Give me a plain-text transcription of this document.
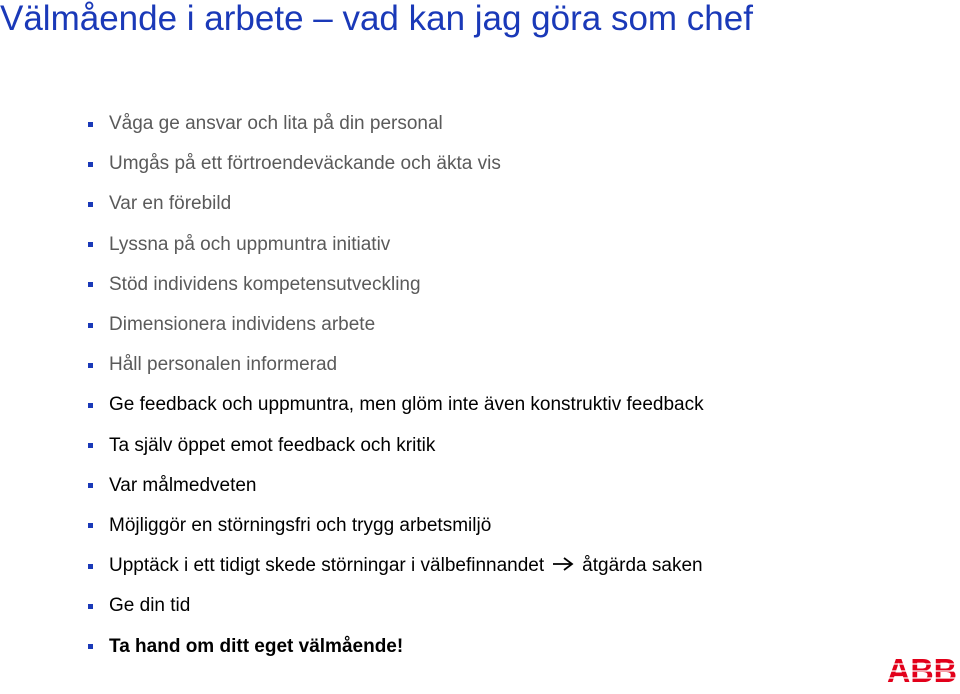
Välmående i arbete – vad kan jag göra som chef
Våga ge ansvar och lita på din personal
Umgås på ett förtroendeväckande och äkta vis
Var en förebild
Lyssna på och uppmuntra initiativ
Stöd individens kompetensutveckling
Dimensionera individens arbete
Håll personalen informerad
Ge feedback och uppmuntra, men glöm inte även konstruktiv feedback
Ta själv öppet emot feedback och kritik
Var målmedveten
Möjliggör en störningsfri och trygg arbetsmiljö
Upptäck i ett tidigt skede störningar i välbefinnandet åtgärda saken
Ge din tid
Ta hand om ditt eget välmående!
ABB
